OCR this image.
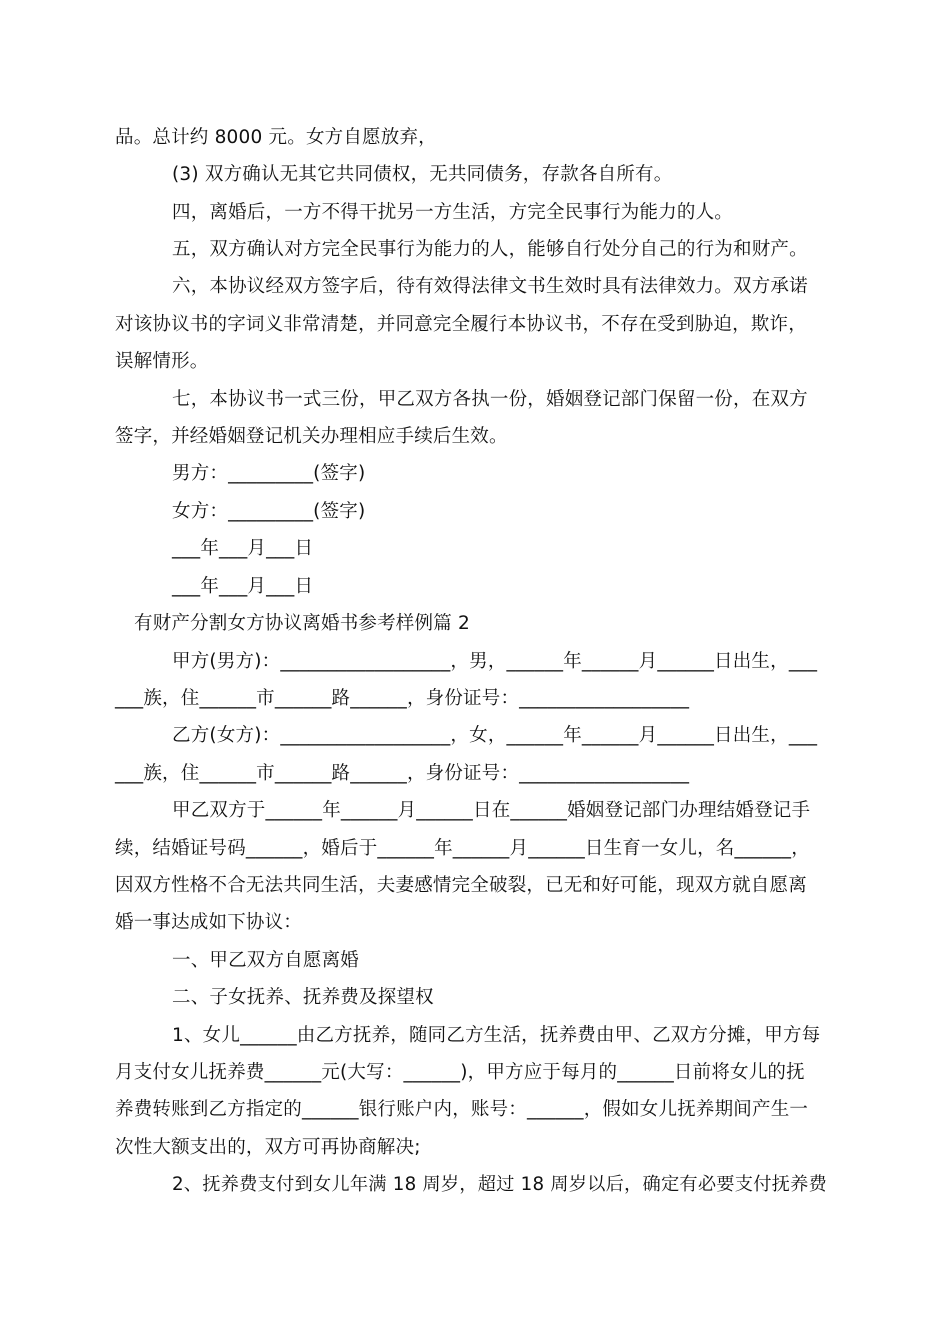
品。总计约 8000 元。女方自愿放弃，
(3) 双方确认无其它共同债权，无共同债务，存款各自所有。
四，离婚后，一方不得干扰另一方生活，方完全民事行为能力的人。
五，双方确认对方完全民事行为能力的人，能够自行处分自己的行为和财产。
六，本协议经双方签字后，待有效得法律文书生效时具有法律效力。双方承诺
对该协议书的字词义非常清楚，并同意完全履行本协议书，不存在受到胁迫，欺诈，
误解情形。
七，本协议书一式三份，甲乙双方各执一份，婚姻登记部门保留一份，在双方
签字，并经婚姻登记机关办理相应手续后生效。
男方：_________(签字)
女方：_________(签字)
___年___月___日
___年___月___日
有财产分割女方协议离婚书参考样例篇 2
甲方(男方)：__________________，男，______年______月______日出生，___
___族，住______市______路______，身份证号：__________________
乙方(女方)：__________________，女，______年______月______日出生，___
___族，住______市______路______，身份证号：__________________
甲乙双方于______年______月______日在______婚姻登记部门办理结婚登记手
续，结婚证号码______，婚后于______年______月______日生育一女儿，名______，
因双方性格不合无法共同生活，夫妻感情完全破裂，已无和好可能，现双方就自愿离
婚一事达成如下协议：
一、甲乙双方自愿离婚
二、子女抚养、抚养费及探望权
1、女儿______由乙方抚养，随同乙方生活，抚养费由甲、乙双方分摊，甲方每
月支付女儿抚养费______元(大写：______)，甲方应于每月的______日前将女儿的抚
养费转账到乙方指定的______银行账户内，账号：______，假如女儿抚养期间产生一
次性大额支出的，双方可再协商解决;
2、抚养费支付到女儿年满 18 周岁，超过 18 周岁以后，确定有必要支付抚养费
